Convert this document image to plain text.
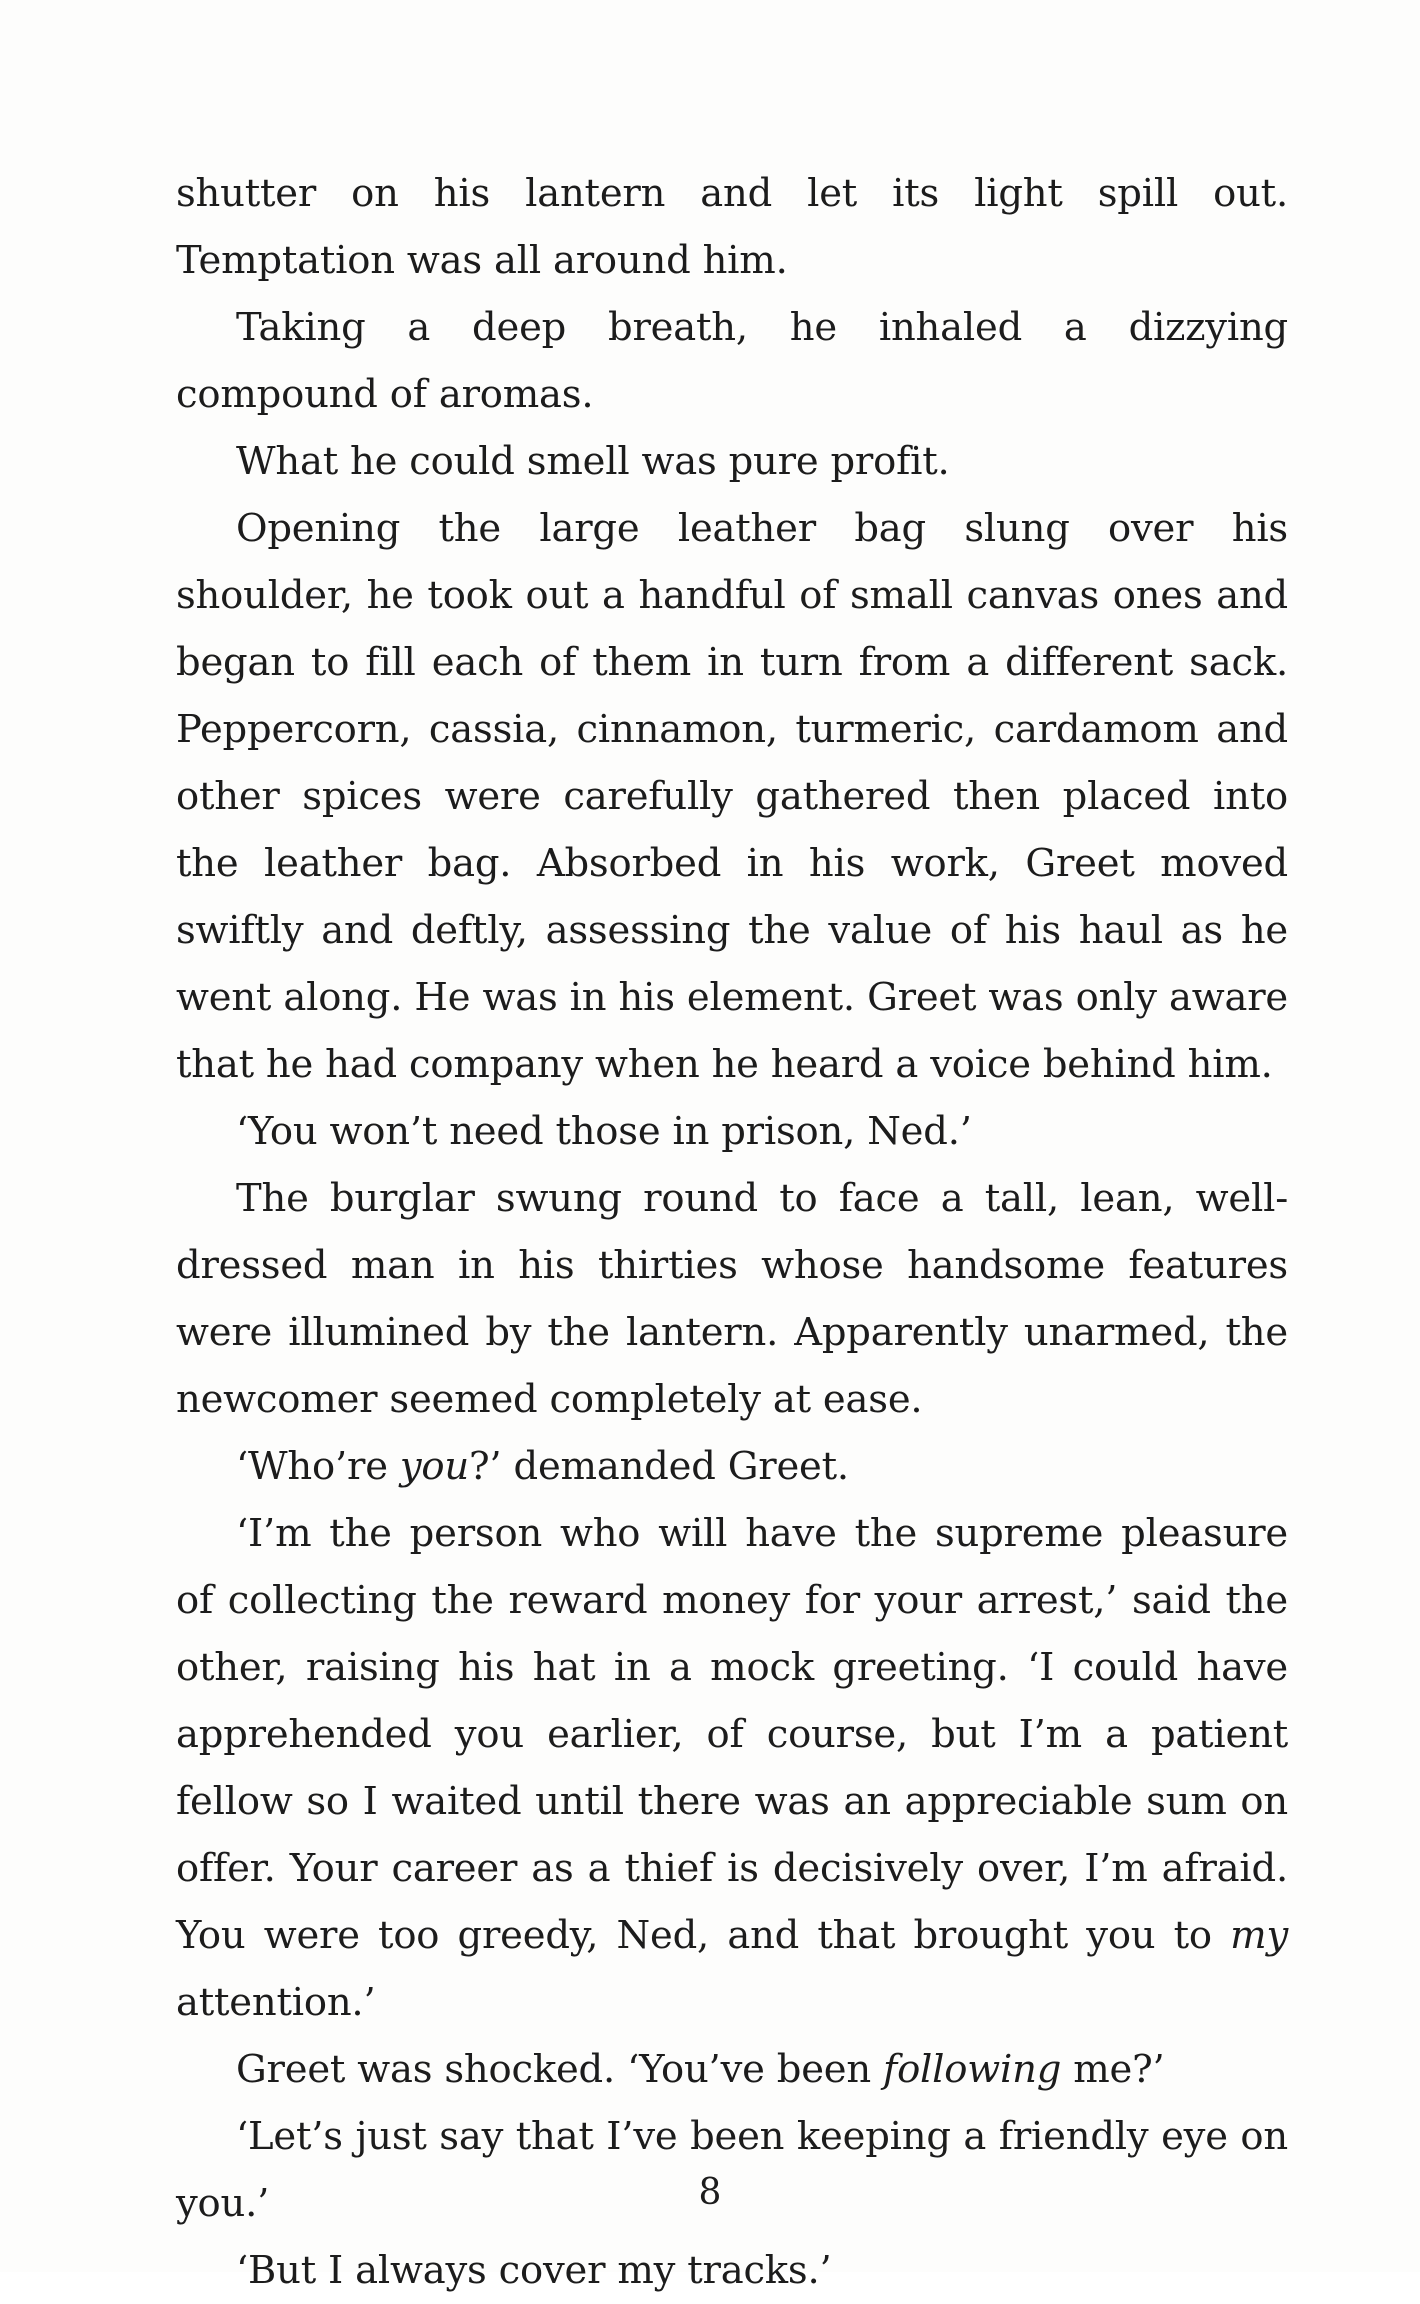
shutter on his lantern and let its light spill out. Temptation was all around him.

Taking a deep breath, he inhaled a dizzying compound of aromas.

What he could smell was pure profit.

Opening the large leather bag slung over his shoulder, he took out a handful of small canvas ones and began to fill each of them in turn from a different sack. Peppercorn, cassia, cinnamon, turmeric, cardamom and other spices were carefully gathered then placed into the leather bag. Absorbed in his work, Greet moved swiftly and deftly, assessing the value of his haul as he went along. He was in his element. Greet was only aware that he had company when he heard a voice behind him.

‘You won’t need those in prison, Ned.’

The burglar swung round to face a tall, lean, well-dressed man in his thirties whose handsome features were illumined by the lantern. Apparently unarmed, the newcomer seemed completely at ease.

‘Who’re you?’ demanded Greet.

‘I’m the person who will have the supreme pleasure of collecting the reward money for your arrest,’ said the other, raising his hat in a mock greeting. ‘I could have apprehended you earlier, of course, but I’m a patient fellow so I waited until there was an appreciable sum on offer. Your career as a thief is decisively over, I’m afraid. You were too greedy, Ned, and that brought you to my attention.’

Greet was shocked. ‘You’ve been following me?’

‘Let’s just say that I’ve been keeping a friendly eye on you.’

‘But I always cover my tracks.’

8
